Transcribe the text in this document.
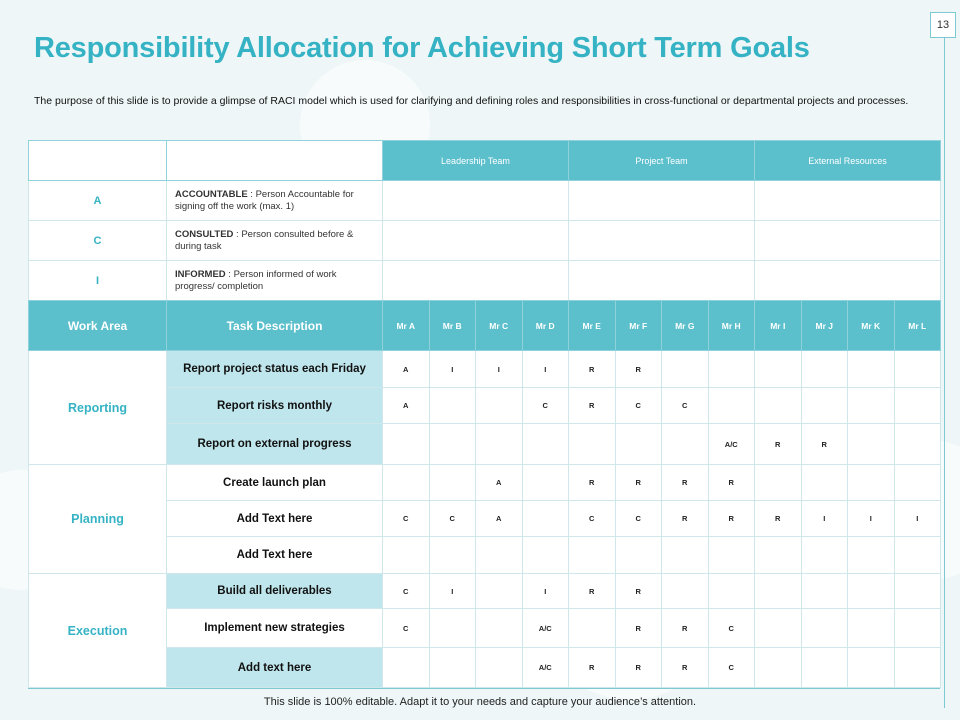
13
Responsibility Allocation for Achieving Short Term Goals
The purpose of this slide is to provide a glimpse of RACI model which is used for clarifying and defining roles and responsibilities in cross-functional or departmental projects and processes.
R	RESPONSIBLE : Person(s) responsible for doing the work	Leadership Team	Project Team	External Resources
A	ACCOUNTABLE : Person Accountable for signing off the work (max. 1)			
C	CONSULTED : Person consulted before & during task			
I	INFORMED : Person informed of work progress/ completion			
Work Area	Task Description	Mr A	Mr B	Mr C	Mr D	Mr E	Mr F	Mr G	Mr H	Mr I	Mr J	Mr K	Mr L
Reporting	Report project status each Friday	A	I	I	I	R	R						
	Report risks monthly	A			C	R	C	C					
	Report on external progress								A/C	R	R		
Planning	Create launch plan			A		R	R	R	R				
	Add Text here	C	C	A		C	C	R	R	R	I	I	I
	Add Text here												
Execution	Build all deliverables	C	I		I	R	R						
	Implement new strategies	C			A/C		R	R	C				
	Add text here				A/C	R	R	R	C				
This slide is 100% editable. Adapt it to your needs and capture your audience’s attention.
